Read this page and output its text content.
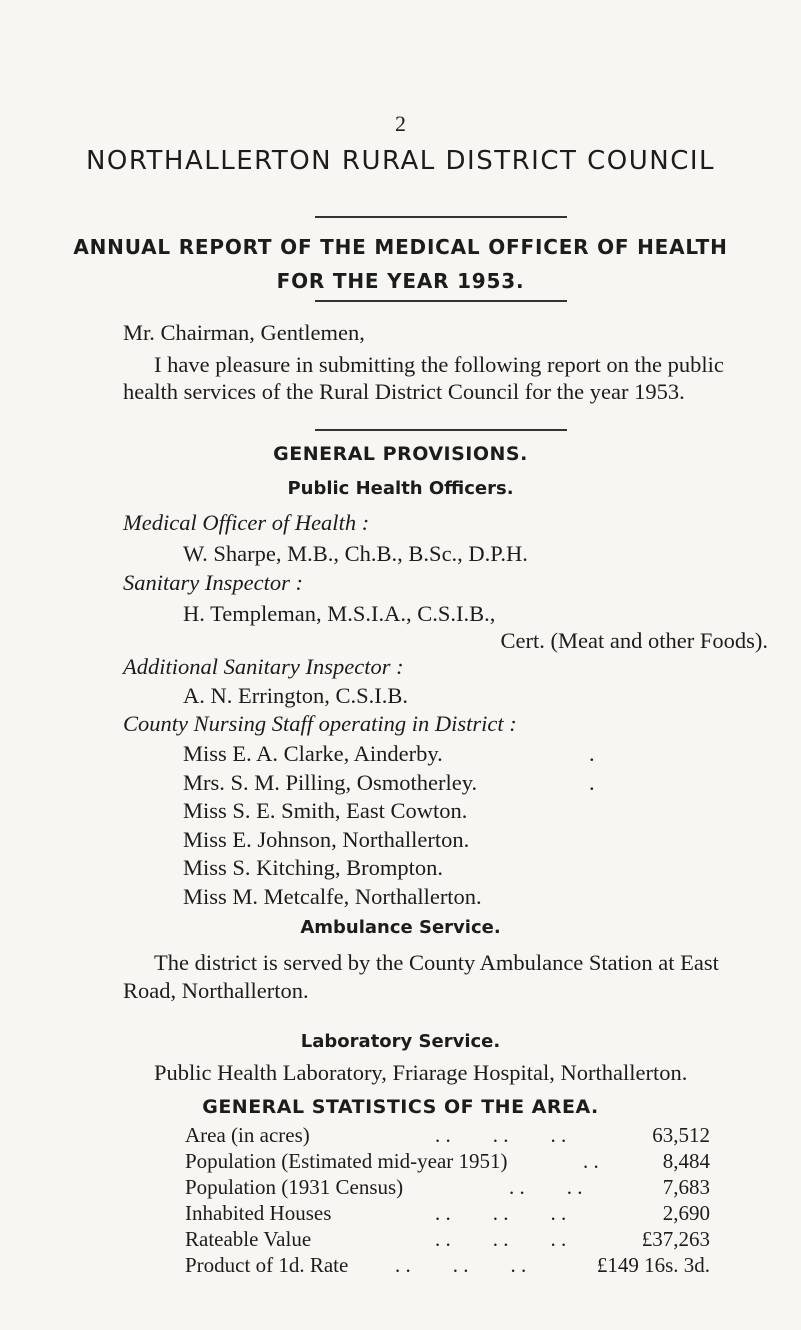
2
NORTHALLERTON RURAL DISTRICT COUNCIL
ANNUAL REPORT OF THE MEDICAL OFFICER OF HEALTH
FOR THE YEAR 1953.
Mr. Chairman, Gentlemen,
I have pleasure in submitting the following report on the public
health services of the Rural District Council for the year 1953.
GENERAL PROVISIONS.
Public Health Officers.
Medical Officer of Health :
W. Sharpe, M.B., Ch.B., B.Sc., D.P.H.
Sanitary Inspector :
H. Templeman, M.S.I.A., C.S.I.B.,
Cert. (Meat and other Foods).
Additional Sanitary Inspector :
A. N. Errington, C.S.I.B.
County Nursing Staff operating in District :
Miss E. A. Clarke, Ainderby.	. .
Mrs. S. M. Pilling, Osmotherley.
Miss S. E. Smith, East Cowton.
Miss E. Johnson, Northallerton.
Miss S. Kitching, Brompton.
Miss M. Metcalfe, Northallerton.
Ambulance Service.
The district is served by the County Ambulance Station at East
Road, Northallerton.
Laboratory Service.
Public Health Laboratory, Friarage Hospital, Northallerton.
GENERAL STATISTICS OF THE AREA.
Area (in acres)	. .        . .        . .	63,512
Population (Estimated mid-year 1951)	. .	8,484
Population (1931 Census)	. .        . .	7,683
Inhabited Houses	. .        . .        . .	2,690
Rateable Value	. .        . .        . .	£37,263
Product of 1d. Rate . .        . .        . .	£149 16s. 3d.
